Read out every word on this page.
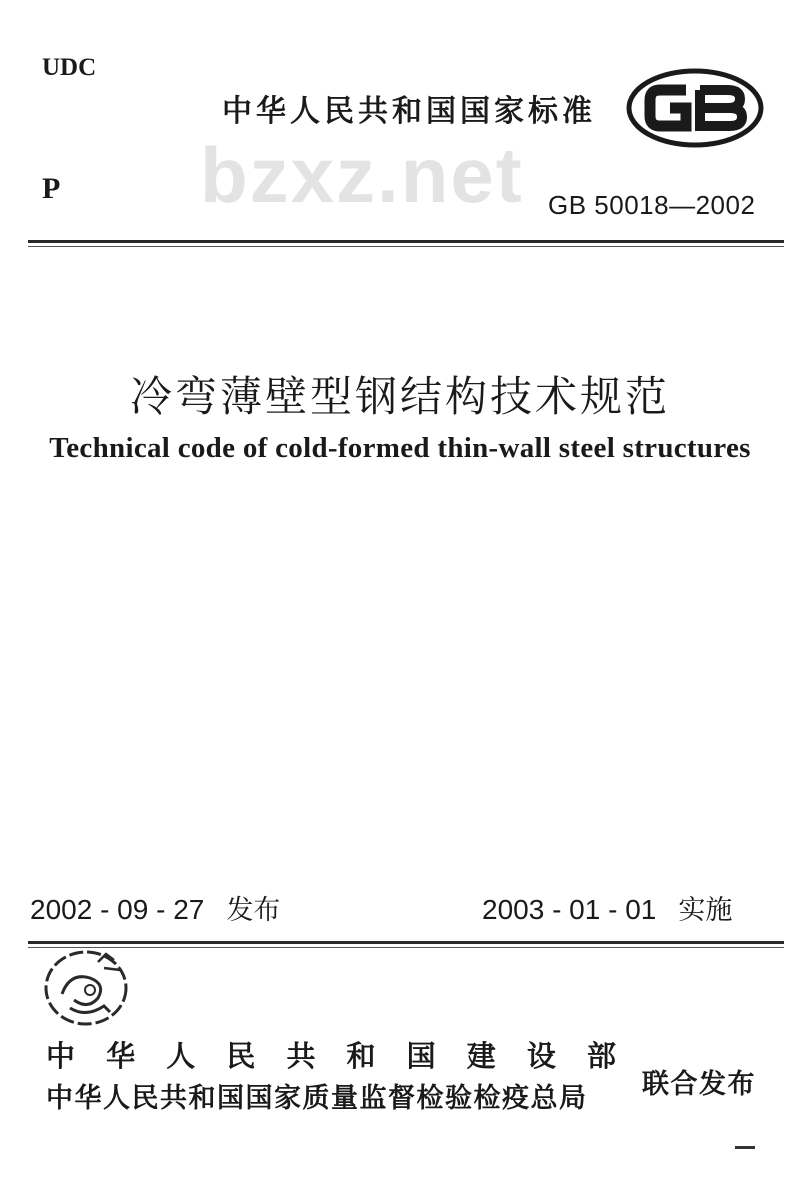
UDC
P
中华人民共和国国家标准
bzxz.net GB 50018—2002
冷弯薄壁型钢结构技术规范
Technical code of cold-formed thin-wall steel structures
2002 - 09 - 27 发布	2003 - 01 - 01 实施
中 华 人 民 共 和 国 建 设 部
中华人民共和国国家质量监督检验检疫总局 联合发布
